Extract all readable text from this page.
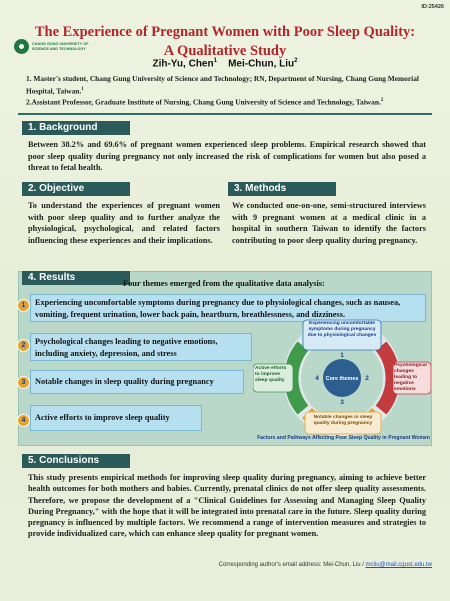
ID:25426
The Experience of Pregnant Women with Poor Sleep Quality:
A Qualitative Study
CHANG GUNG UNIVERSITY OF
SCIENCE AND TECHNOLOGY
Zih-Yu, Chen$^1$ Mei-Chun, Liu$^2$
1. Master's student, Chang Gung University of Science and Technology; RN, Department of Nursing, Chang Gung Memorial Hospital, Taiwan.$^1$
2.Assistant Professor, Graduate Institute of Nursing, Chang Gung University of Science and Technology, Taiwan.$^2$
1. Background
Between 38.2% and 69.6% of pregnant women experienced sleep problems. Empirical research showed that poor sleep quality during pregnancy not only increased the risk of complications for women but also posed a threat to fetal health.
2. Objective
To understand the experiences of pregnant women with poor sleep quality and to further analyze the physiological, psychological, and related factors influencing these experiences and their implications.
3. Methods
We conducted one-on-one, semi-structured interviews with 9 pregnant women at a medical clinic in a hospital in southern Taiwan to identify the factors contributing to poor sleep quality during pregnancy.
4. Results
Four themes emerged from the qualitative data analysis:
1	Experiencing uncomfortable symptoms during pregnancy due to physiological changes, such as nausea, vomiting, frequent urination, lower back pain, heartburn, breathlessness, and dizziness.
2	Psychological changes leading to negative emotions, including anxiety, depression, and stress
3	Notable changes in sleep quality during pregnancy
4	Active efforts to improve sleep quality
Core themes
Experiencing uncomfortable symptoms during pregnancy due to physiological changes
Psychological changes leading to negative emotions
Notable changes in sleep quality during pregnancy
Active efforts to improve sleep quality
1
2
3
4
Factors and Pathways Affecting Poor Sleep Quality in Pregnant Women
5. Conclusions
This study presents empirical methods for improving sleep quality during pregnancy, aiming to achieve better health outcomes for both mothers and babies. Currently, prenatal clinics do not offer sleep quality assessments. Therefore, we propose the development of a "Clinical Guidelines for Assessing and Managing Sleep Quality During Pregnancy," with the hope that it will be integrated into prenatal care in the future. Sleep quality during pregnancy is influenced by multiple factors. We recommend a range of intervention measures and strategies to provide individualized care, which can enhance sleep quality for pregnant women.
Corresponding author's email address: Mei-Chun, Liu / mcliu@mail.cgust.edu.tw
